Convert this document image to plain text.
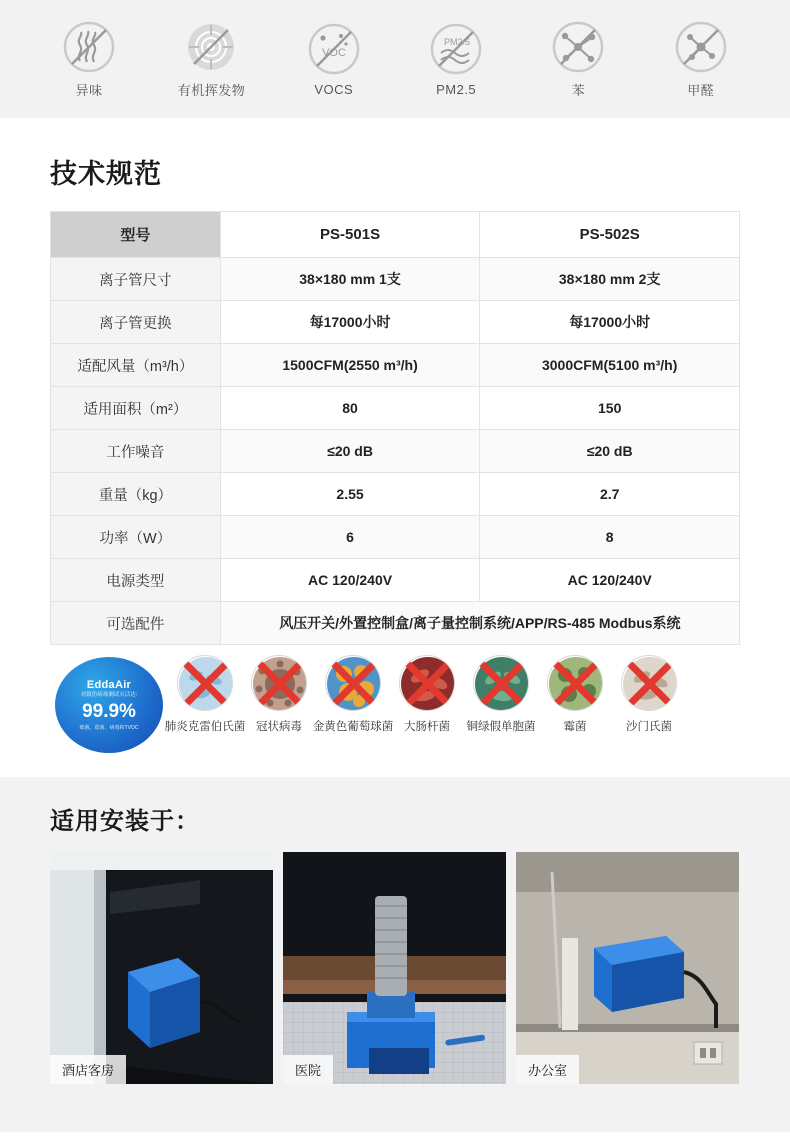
异味	有机挥发物
VOC
VOCS
PM2.5
PM2.5	苯	甲醛
技术规范
型号	PS-501S	PS-502S
离子管尺寸	38×180 mm 1支	38×180 mm 2支
离子管更换	每17000小时	每17000小时
适配风量（m³/h）	1500CFM(2550 m³/h)	3000CFM(5100 m³/h)
适用面积（m²）	80	150
工作噪音	≤20 dB	≤20 dB
重量（kg）	2.55	2.7
功率（W）	6	8
电源类型	AC 120/240V	AC 120/240V
可选配件	风压开关/外置控制盒/离子量控制系统/APP/RS-485 Modbus系统	
EddaAir
对致仿病毒测试灭活达:
99.9%
细菌、霉菌、病毒和TVOC 肺炎克雷伯氏菌 冠状病毒 金黄色葡萄球菌 大肠杆菌 铜绿假单胞菌 霉菌	沙门氏菌
适用安装于：
酒店客房	医院	办公室
